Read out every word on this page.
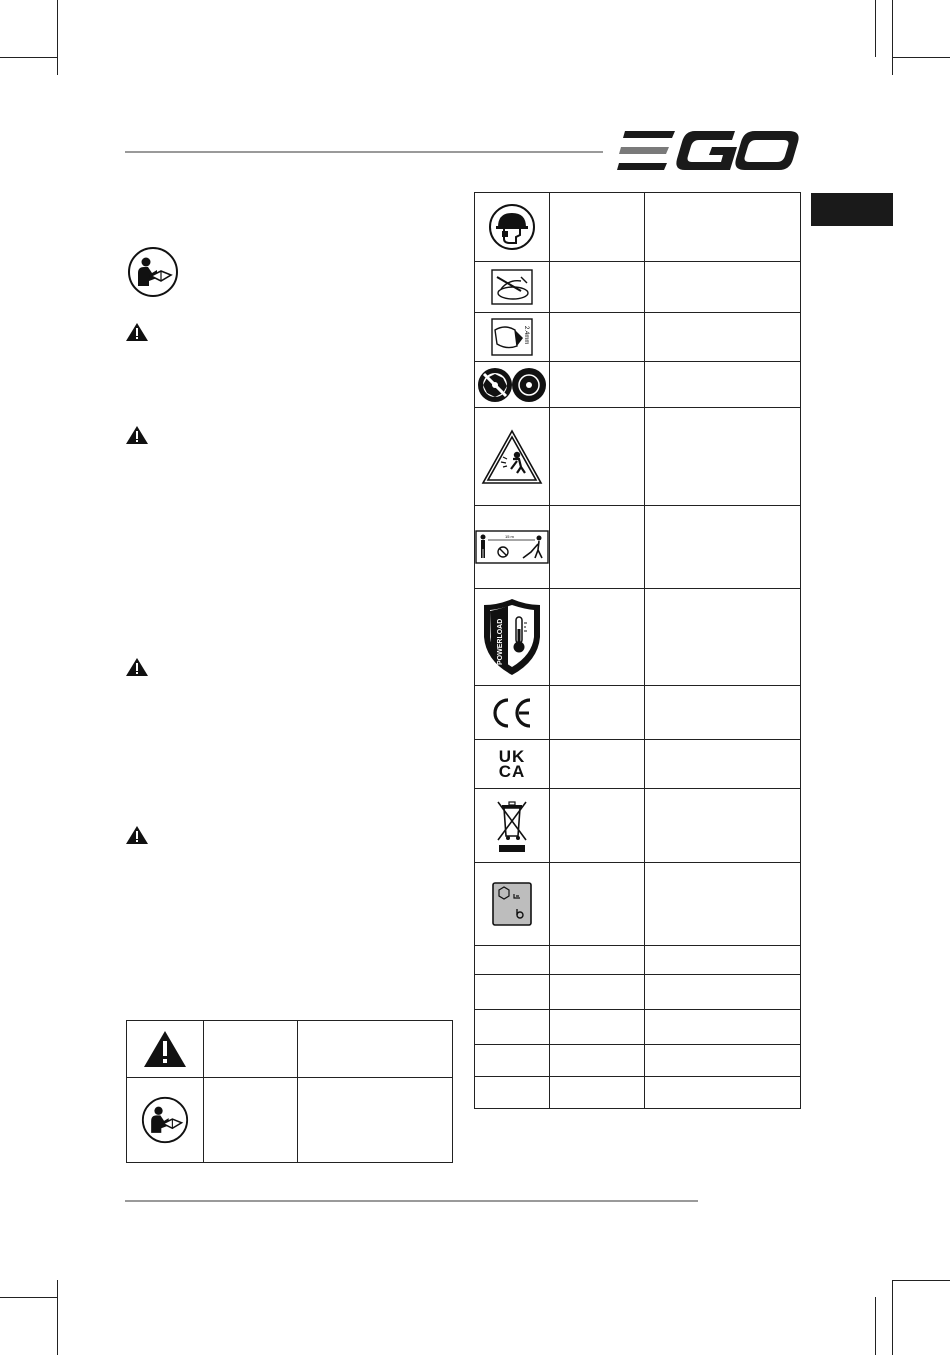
2.4mm		

15 m		

POWERLOAD		

UK
CA		
